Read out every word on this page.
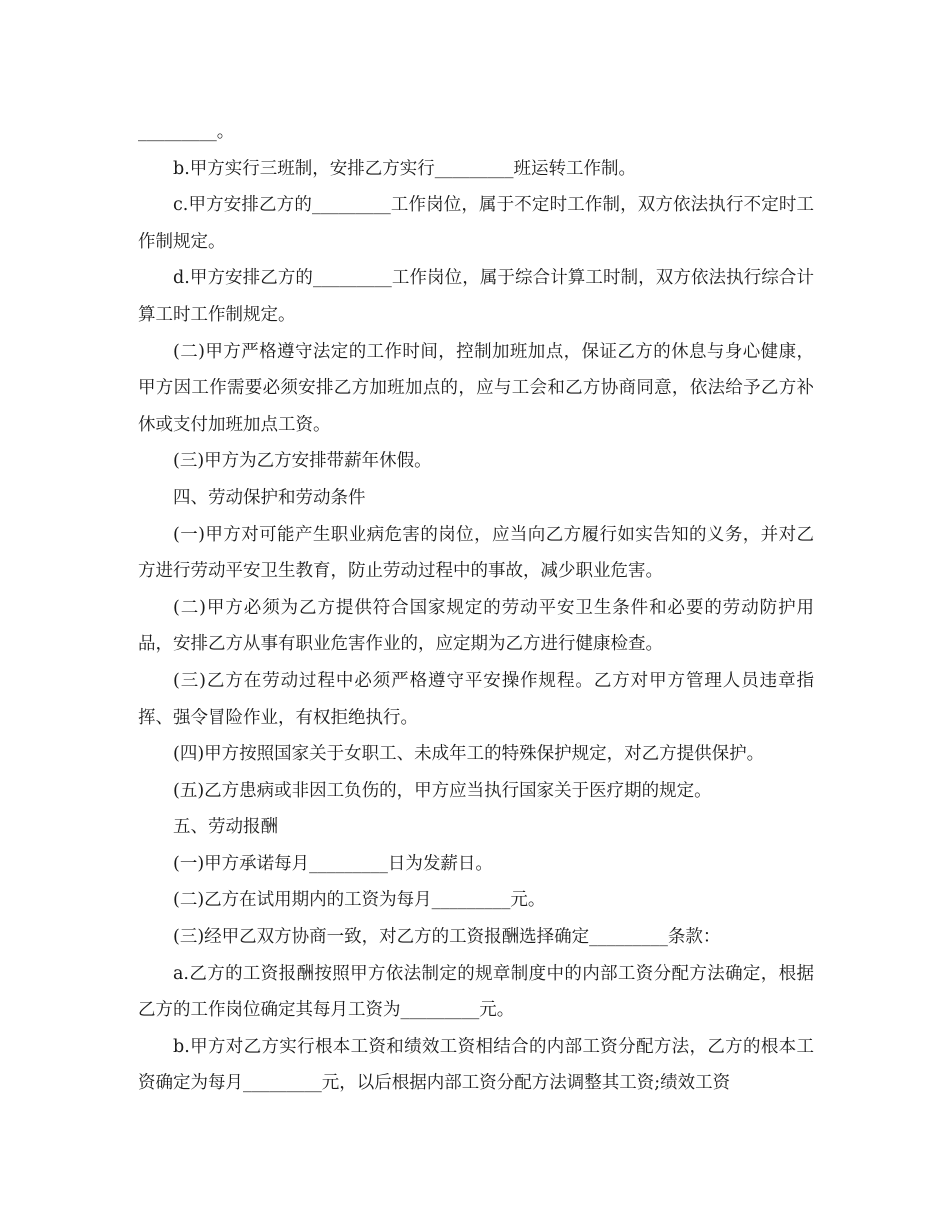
_________。

b.甲方实行三班制，安排乙方实行_________班运转工作制。

c.甲方安排乙方的_________工作岗位，属于不定时工作制，双方依法执行不定时工作制规定。

d.甲方安排乙方的_________工作岗位，属于综合计算工时制，双方依法执行综合计算工时工作制规定。

(二)甲方严格遵守法定的工作时间，控制加班加点，保证乙方的休息与身心健康，甲方因工作需要必须安排乙方加班加点的，应与工会和乙方协商同意，依法给予乙方补休或支付加班加点工资。

(三)甲方为乙方安排带薪年休假。

四、劳动保护和劳动条件

(一)甲方对可能产生职业病危害的岗位，应当向乙方履行如实告知的义务，并对乙方进行劳动平安卫生教育，防止劳动过程中的事故，减少职业危害。

(二)甲方必须为乙方提供符合国家规定的劳动平安卫生条件和必要的劳动防护用品，安排乙方从事有职业危害作业的，应定期为乙方进行健康检查。

(三)乙方在劳动过程中必须严格遵守平安操作规程。乙方对甲方管理人员违章指挥、强令冒险作业，有权拒绝执行。

(四)甲方按照国家关于女职工、未成年工的特殊保护规定，对乙方提供保护。

(五)乙方患病或非因工负伤的，甲方应当执行国家关于医疗期的规定。

五、劳动报酬

(一)甲方承诺每月_________日为发薪日。

(二)乙方在试用期内的工资为每月_________元。

(三)经甲乙双方协商一致，对乙方的工资报酬选择确定_________条款：

a.乙方的工资报酬按照甲方依法制定的规章制度中的内部工资分配方法确定，根据乙方的工作岗位确定其每月工资为_________元。

b.甲方对乙方实行根本工资和绩效工资相结合的内部工资分配方法，乙方的根本工资确定为每月_________元，以后根据内部工资分配方法调整其工资;绩效工资
